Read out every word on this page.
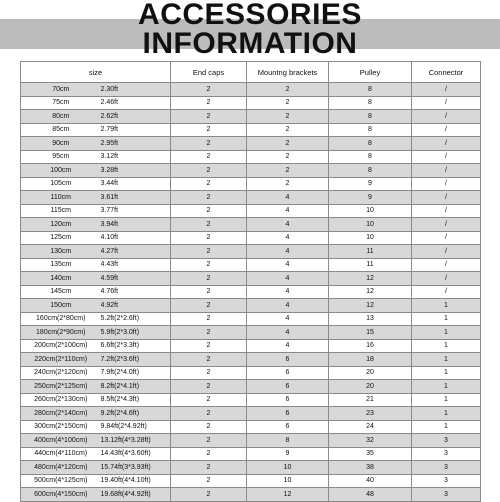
ACCESSORIES
INFORMATION
size		End caps	Mountng brackets	Pulley	Connector
70cm	2.30ft	2	2	8	/
75cm	2.46ft	2	2	8	/
80cm	2.62ft	2	2	8	/
85cm	2.79ft	2	2	8	/
90cm	2.95ft	2	2	8	/
95cm	3.12ft	2	2	8	/
100cm	3.28ft	2	2	8	/
105cm	3.44ft	2	2	9	/
110cm	3.61ft	2	4	9	/
115cm	3.77ft	2	4	10	/
120cm	3.94ft	2	4	10	/
125cm	4.10ft	2	4	10	/
130cm	4.27ft	2	4	11	/
135cm	4.43ft	2	4	11	/
140cm	4.59ft	2	4	12	/
145cm	4.76ft	2	4	12	/
150cm	4.92ft	2	4	12	1
160cm(2*80cm)	5.2ft(2*2.6ft)	2	4	13	1
180cm(2*90cm)	5.9ft(2*3.0ft)	2	4	15	1
200cm(2*100cm)	6.6ft(2*3.3ft)	2	4	16	1
220cm(2*110cm)	7.2ft(2*3.6ft)	2	6	18	1
240cm(2*120cm)	7.9ft(2*4.0ft)	2	6	20	1
250cm(2*125cm)	8.2ft(2*4.1ft)	2	6	20	1
260cm(2*130cm)	8.5ft(2*4.3ft)	2	6	21	1
280cm(2*140cm)	9.2ft(2*4.6ft)	2	6	23	1
300cm(2*150cm)	9.84ft(2*4.92ft)	2	6	24	1
400cm(4*100cm)	13.12ft(4*3.28ft)	2	8	32	3
440cm(4*110cm)	14.43ft(4*3.60ft)	2	9	35	3
480cm(4*120cm)	15.74ft(3*3.93ft)	2	10	38	3
500cm(4*125cm)	19.40ft(4*4.10ft)	2	10	40	3
600cm(4*150cm)	19.68ft(4*4.92ft)	2	12	48	3
